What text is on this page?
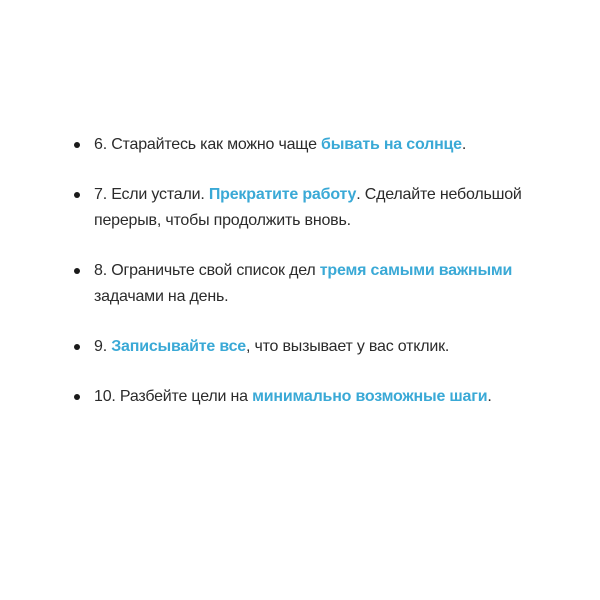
6. Старайтесь как можно чаще бывать на солнце.
7. Если устали. Прекратите работу. Сделайте небольшой перерыв, чтобы продолжить вновь.
8. Ограничьте свой список дел тремя самыми важными задачами на день.
9. Записывайте все, что вызывает у вас отклик.
10. Разбейте цели на минимально возможные шаги.
